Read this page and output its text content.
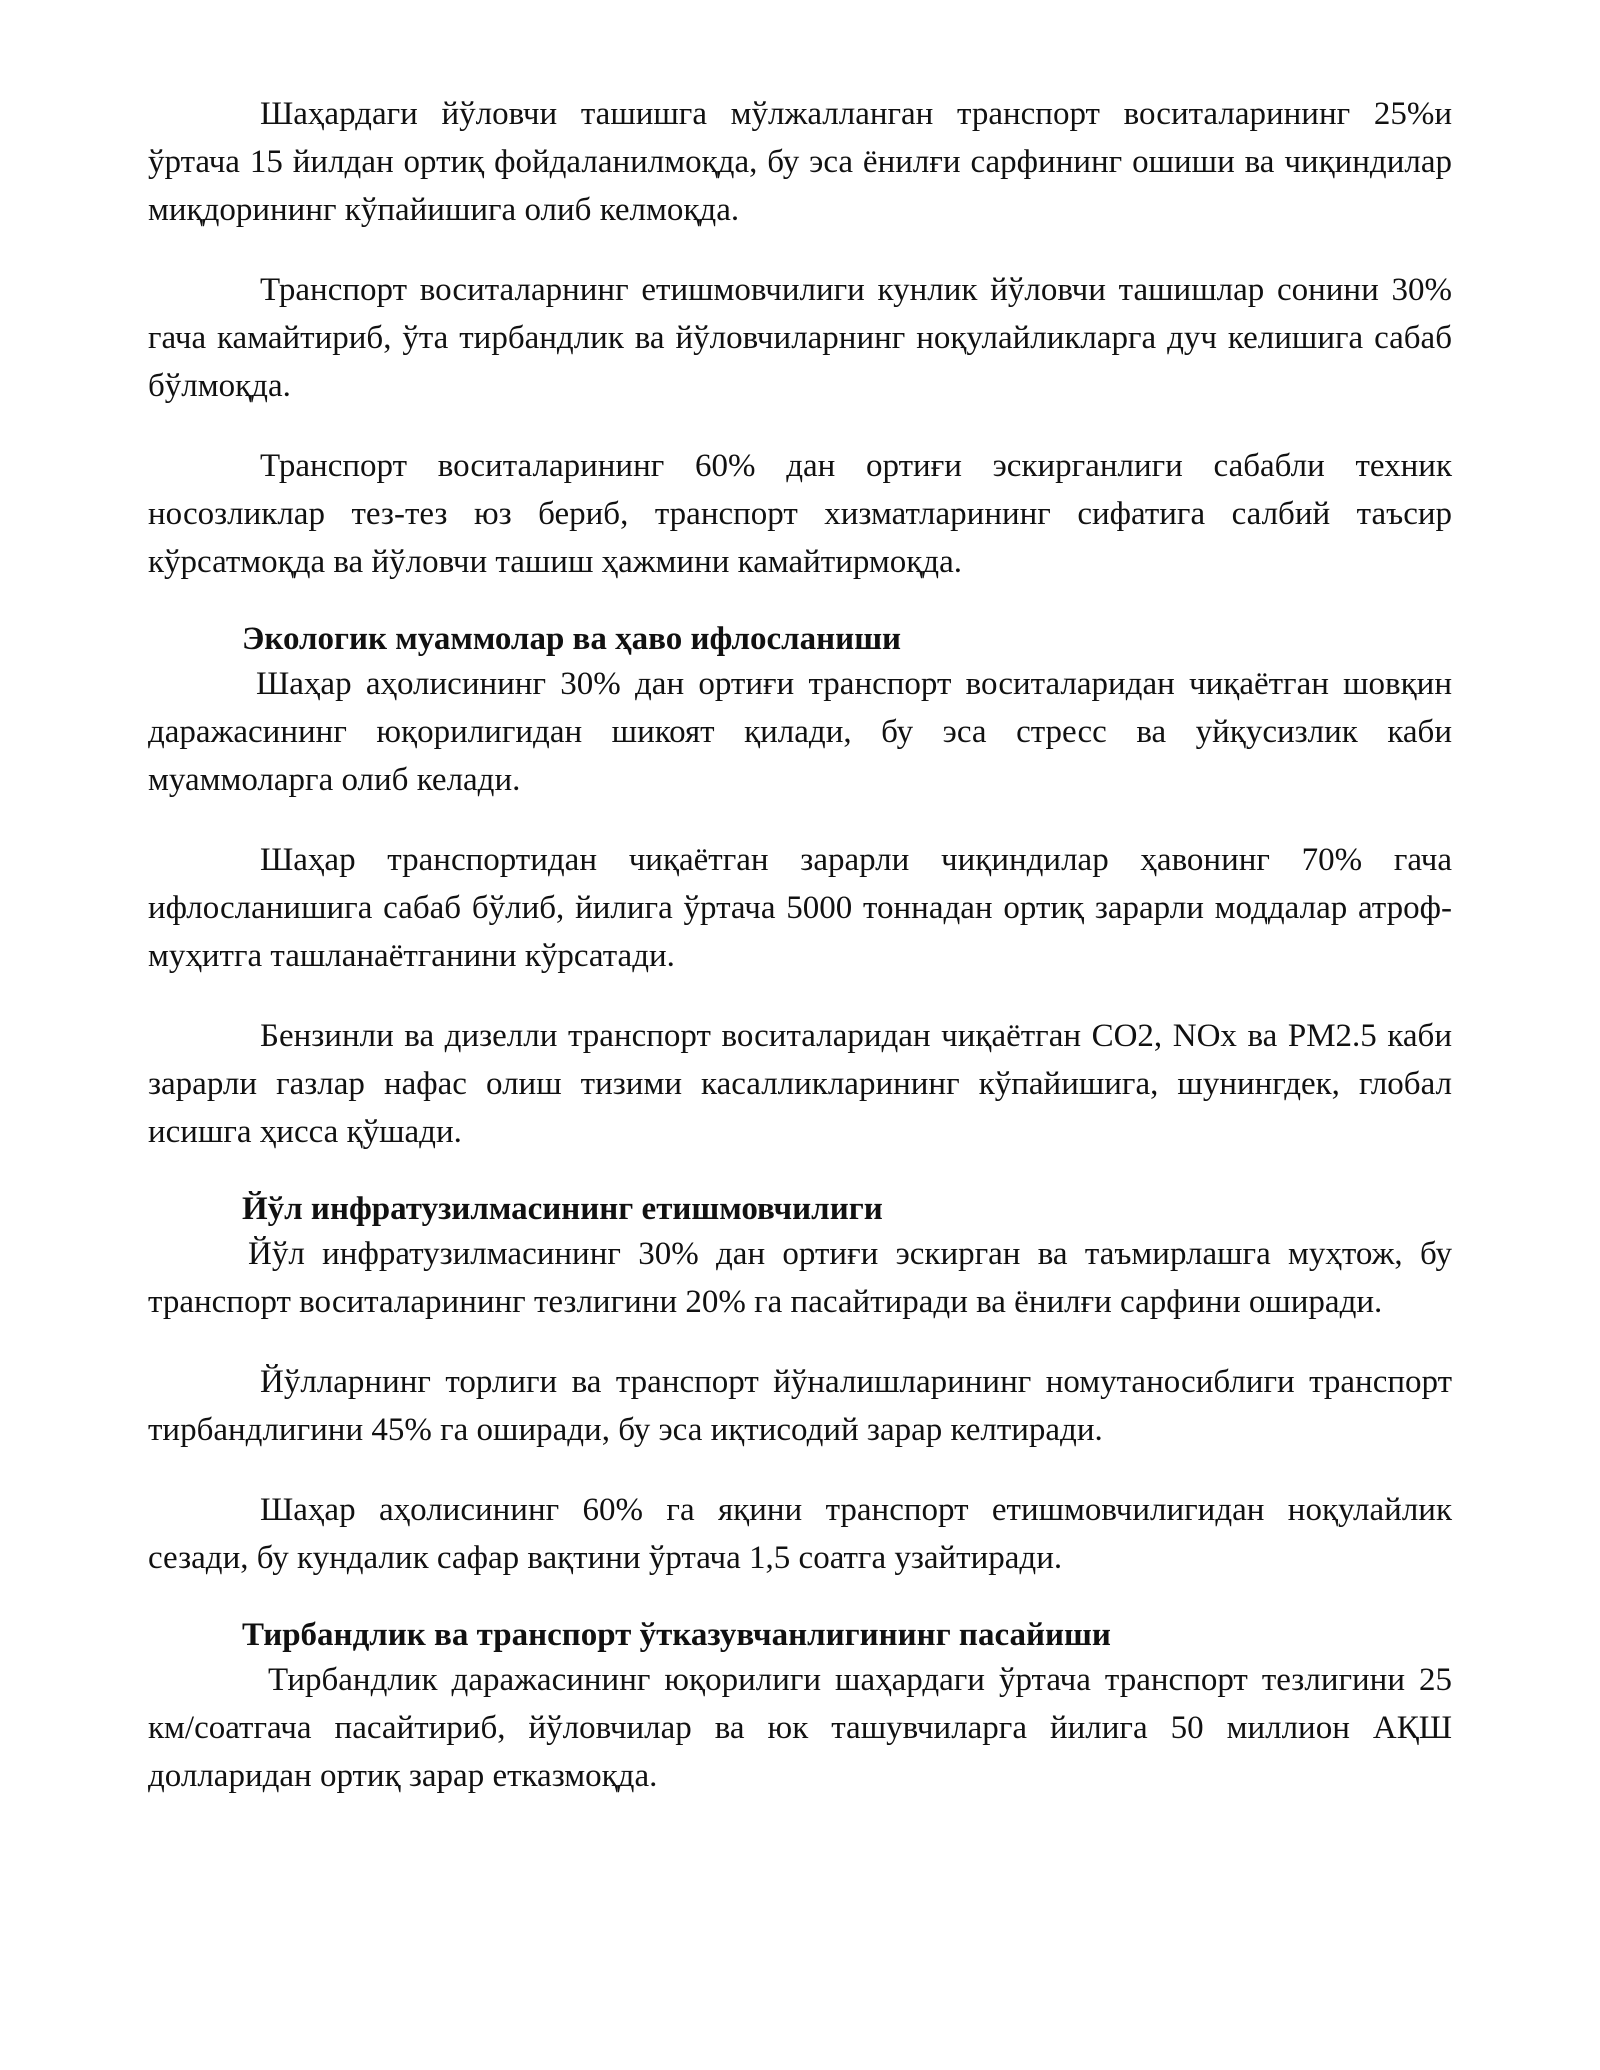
Шаҳардаги йўловчи ташишга мўлжалланган транспорт воситаларининг 25%и ўртача 15 йилдан ортиқ фойдаланилмоқда, бу эса ёнилғи сарфининг ошиши ва чиқиндилар миқдорининг кўпайишига олиб келмоқда.

Транспорт воситаларнинг етишмовчилиги кунлик йўловчи ташишлар сонини 30% гача камайтириб, ўта тирбандлик ва йўловчиларнинг ноқулайликларга дуч келишига сабаб бўлмоқда.

Транспорт воситаларининг 60% дан ортиғи эскирганлиги сабабли техник носозликлар тез-тез юз бериб, транспорт хизматларининг сифатига салбий таъсир кўрсатмоқда ва йўловчи ташиш ҳажмини камайтирмоқда.

Экологик муаммолар ва ҳаво ифлосланиши

Шаҳар аҳолисининг 30% дан ортиғи транспорт воситаларидан чиқаётган шовқин даражасининг юқорилигидан шикоят қилади, бу эса стресс ва уйқусизлик каби муаммоларга олиб келади.

Шаҳар транспортидан чиқаётган зарарли чиқиндилар ҳавонинг 70% гача ифлосланишига сабаб бўлиб, йилига ўртача 5000 тоннадан ортиқ зарарли моддалар атроф-муҳитга ташланаётганини кўрсатади.

Бензинли ва дизелли транспорт воситаларидан чиқаётган CO2, NOx ва PM2.5 каби зарарли газлар нафас олиш тизими касалликларининг кўпайишига, шунингдек, глобал исишга ҳисса қўшади.

Йўл инфратузилмасининг етишмовчилиги

Йўл инфратузилмасининг 30% дан ортиғи эскирган ва таъмирлашга муҳтож, бу транспорт воситаларининг тезлигини 20% га пасайтиради ва ёнилғи сарфини оширади.

Йўлларнинг торлиги ва транспорт йўналишларининг номутаносиблиги транспорт тирбандлигини 45% га оширади, бу эса иқтисодий зарар келтиради.

Шаҳар аҳолисининг 60% га яқини транспорт етишмовчилигидан ноқулайлик сезади, бу кундалик сафар вақтини ўртача 1,5 соатга узайтиради.

Тирбандлик ва транспорт ўтказувчанлигининг пасайиши

Тирбандлик даражасининг юқорилиги шаҳардаги ўртача транспорт тезлигини 25 км/соатгача пасайтириб, йўловчилар ва юк ташувчиларга йилига 50 миллион АҚШ долларидан ортиқ зарар етказмоқда.
